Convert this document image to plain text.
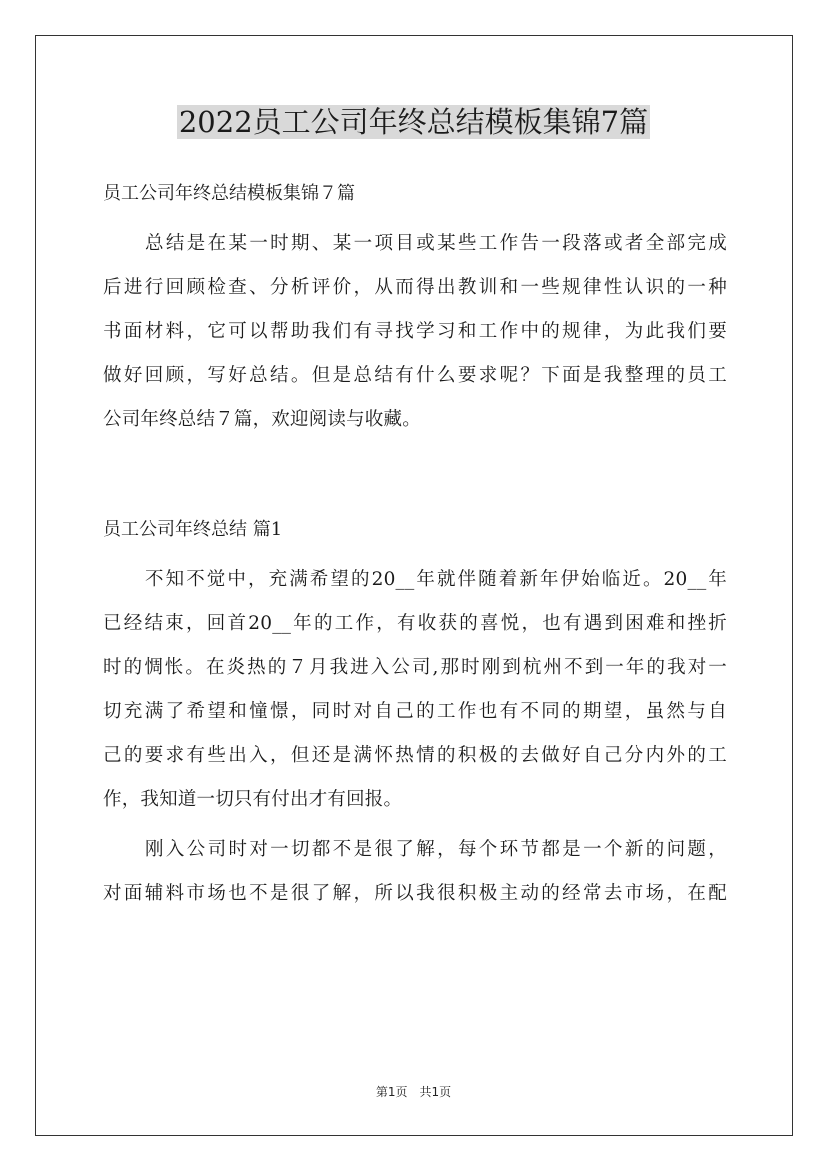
2022员工公司年终总结模板集锦7篇
员工公司年终总结模板集锦７篇
总结是在某一时期、某一项目或某些工作告一段落或者全部完成
后进行回顾检查、分析评价，从而得出教训和一些规律性认识的一种
书面材料，它可以帮助我们有寻找学习和工作中的规律，为此我们要
做好回顾，写好总结。但是总结有什么要求呢？下面是我整理的员工
公司年终总结７篇，欢迎阅读与收藏。
员工公司年终总结 篇1
不知不觉中，充满希望的20__年就伴随着新年伊始临近。20__年
已经结束，回首20__年的工作，有收获的喜悦，也有遇到困难和挫折
时的惆怅。在炎热的７月我进入公司,那时刚到杭州不到一年的我对一
切充满了希望和憧憬，同时对自己的工作也有不同的期望，虽然与自
己的要求有些出入，但还是满怀热情的积极的去做好自己分内外的工
作，我知道一切只有付出才有回报。
刚入公司时对一切都不是很了解，每个环节都是一个新的问题，
对面辅料市场也不是很了解，所以我很积极主动的经常去市场，在配
第1页 共1页
